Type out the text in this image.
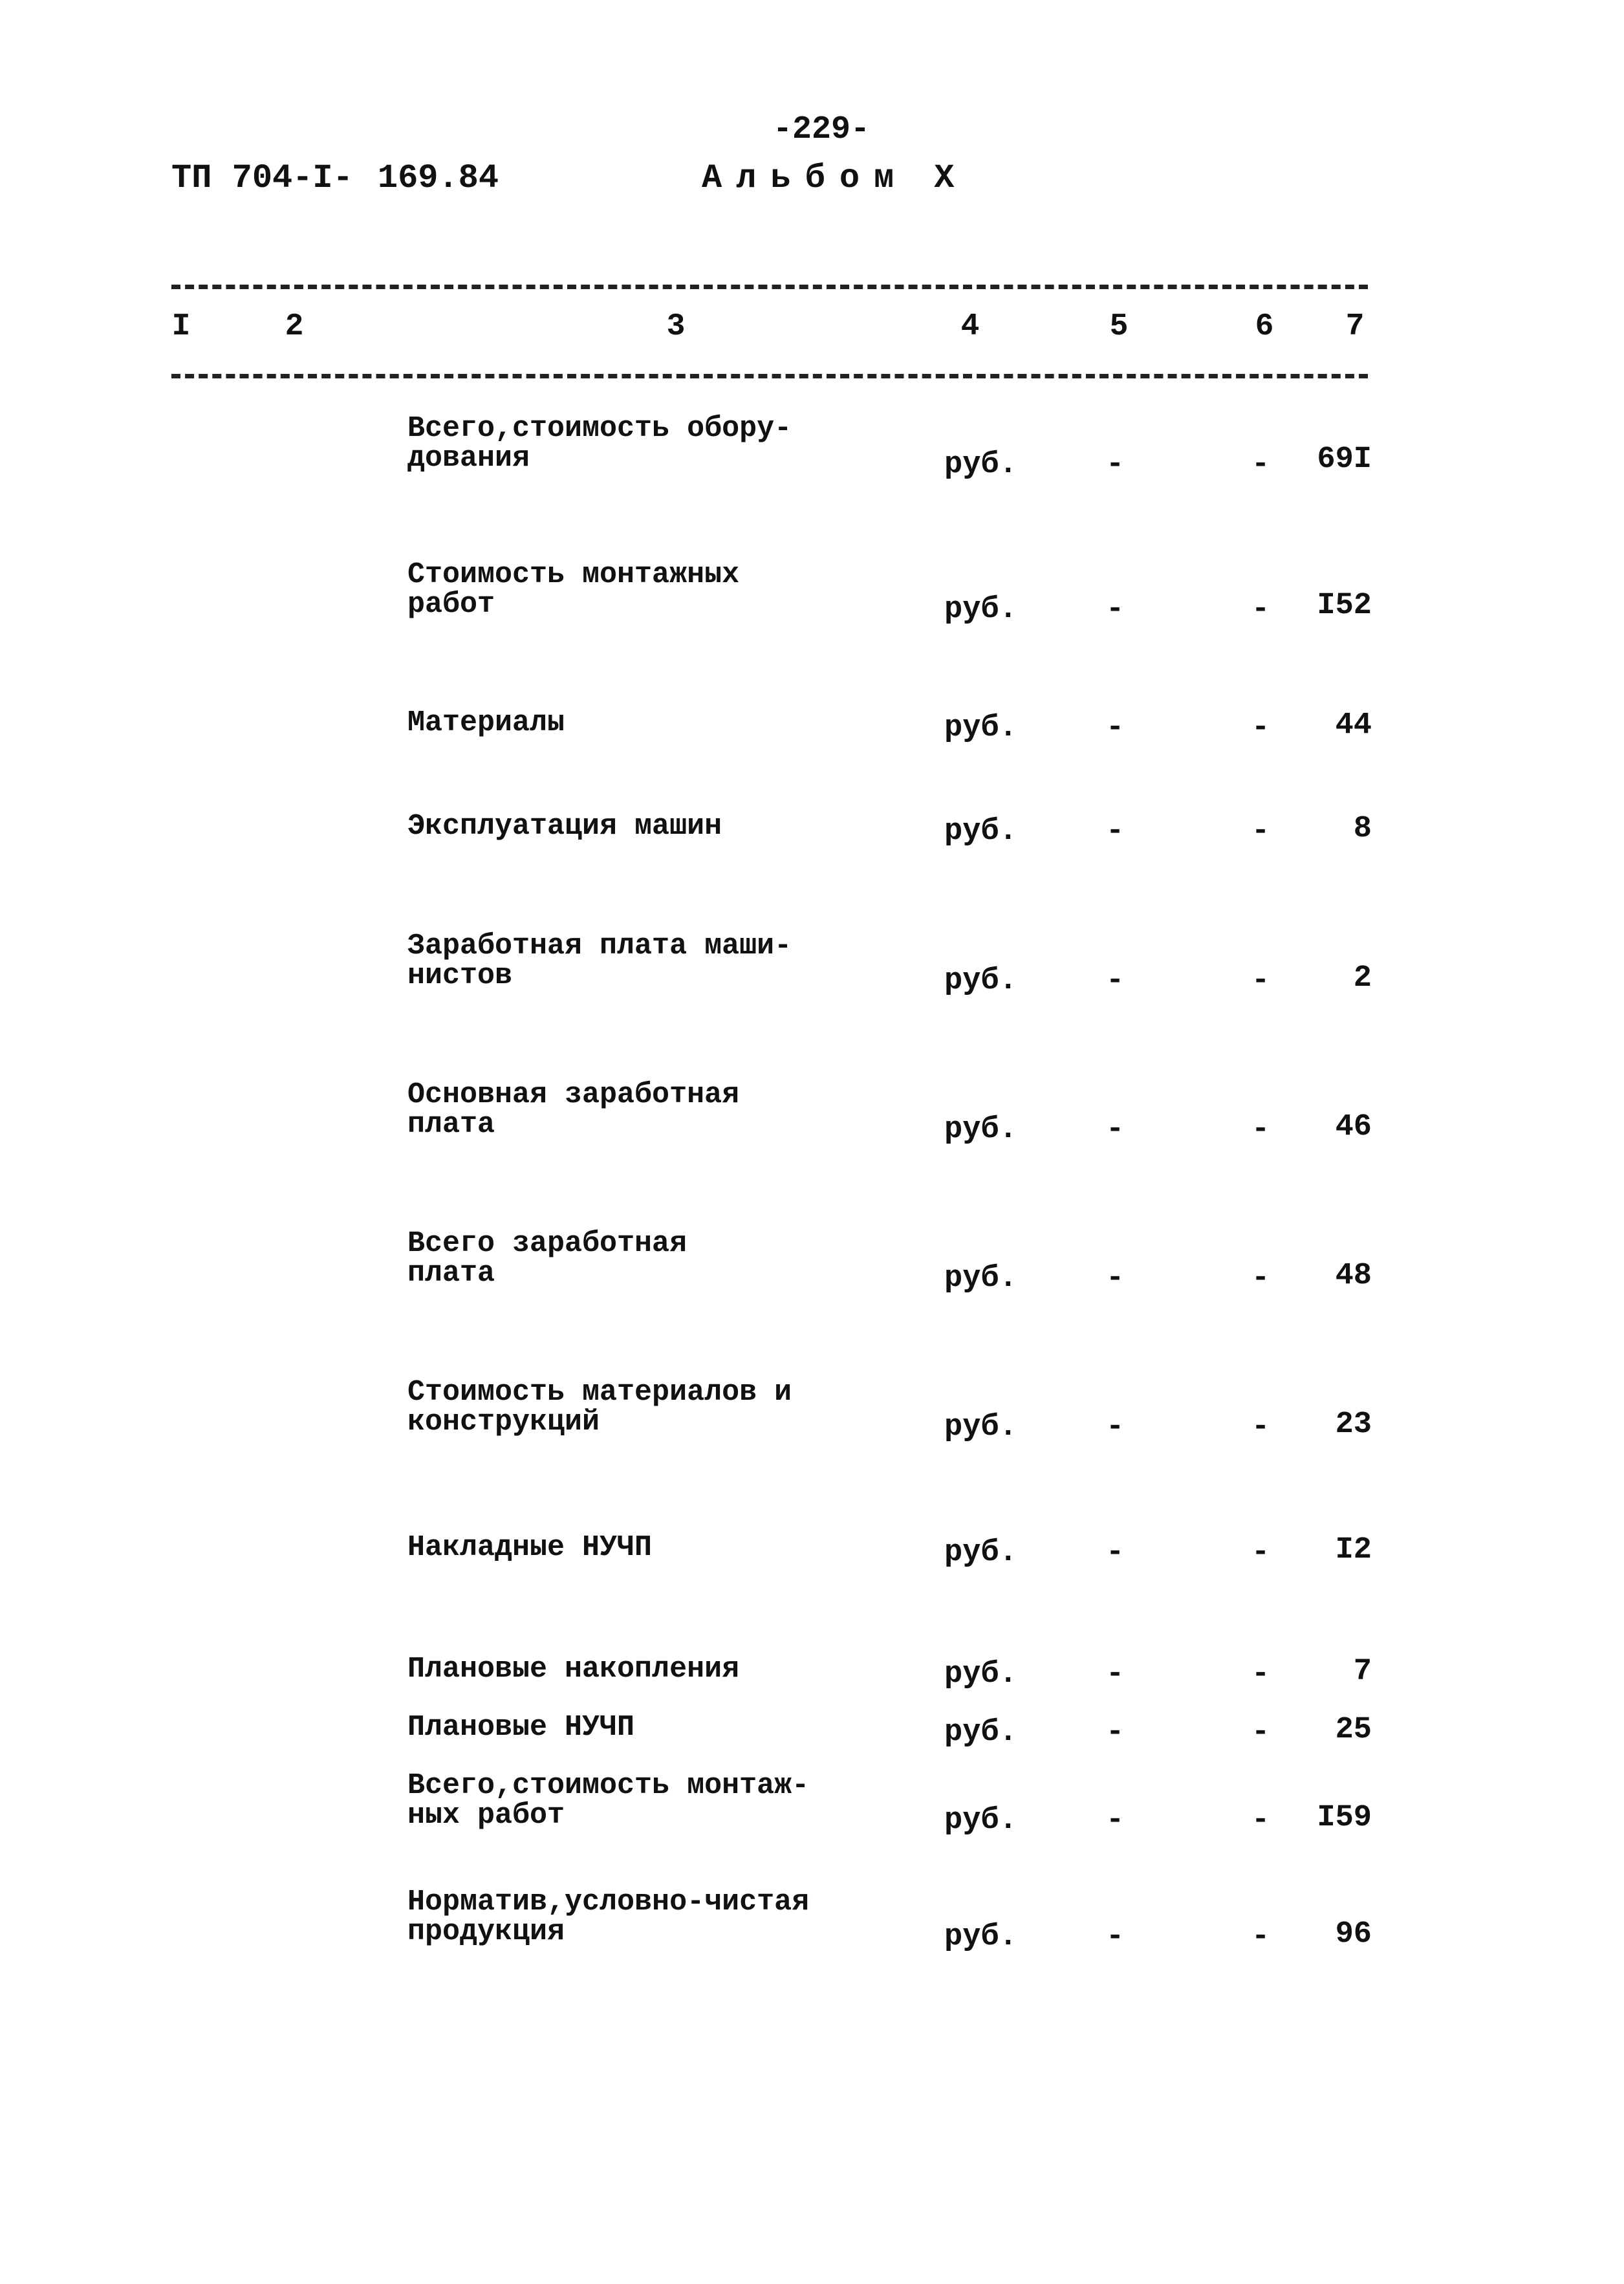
-229-
ТП 704-I- 169.84	Альбом X
I	2	3	4	5	6	7
Всего,стоимость обору-
дования	руб.	-	- 69I
Стоимость монтажных
работ	руб.	-	- I52
Материалы	руб.	-	- 44
Эксплуатация машин	руб.	-	-	8
Заработная плата маши-
нистов	руб.	-	-	2
Основная заработная
плата	руб.	-	- 46
Всего заработная
плата	руб.	-	- 48
Стоимость материалов и
конструкций	руб.	-	- 23
Накладные НУЧП	руб.	-	- I2
Плановые накопления	руб.	-	-	7
Плановые НУЧП	руб.	-	- 25
Всего,стоимость монтаж-
ных работ	руб.	-	- I59
Норматив,условно-чистая
продукция	руб.	-	- 96
